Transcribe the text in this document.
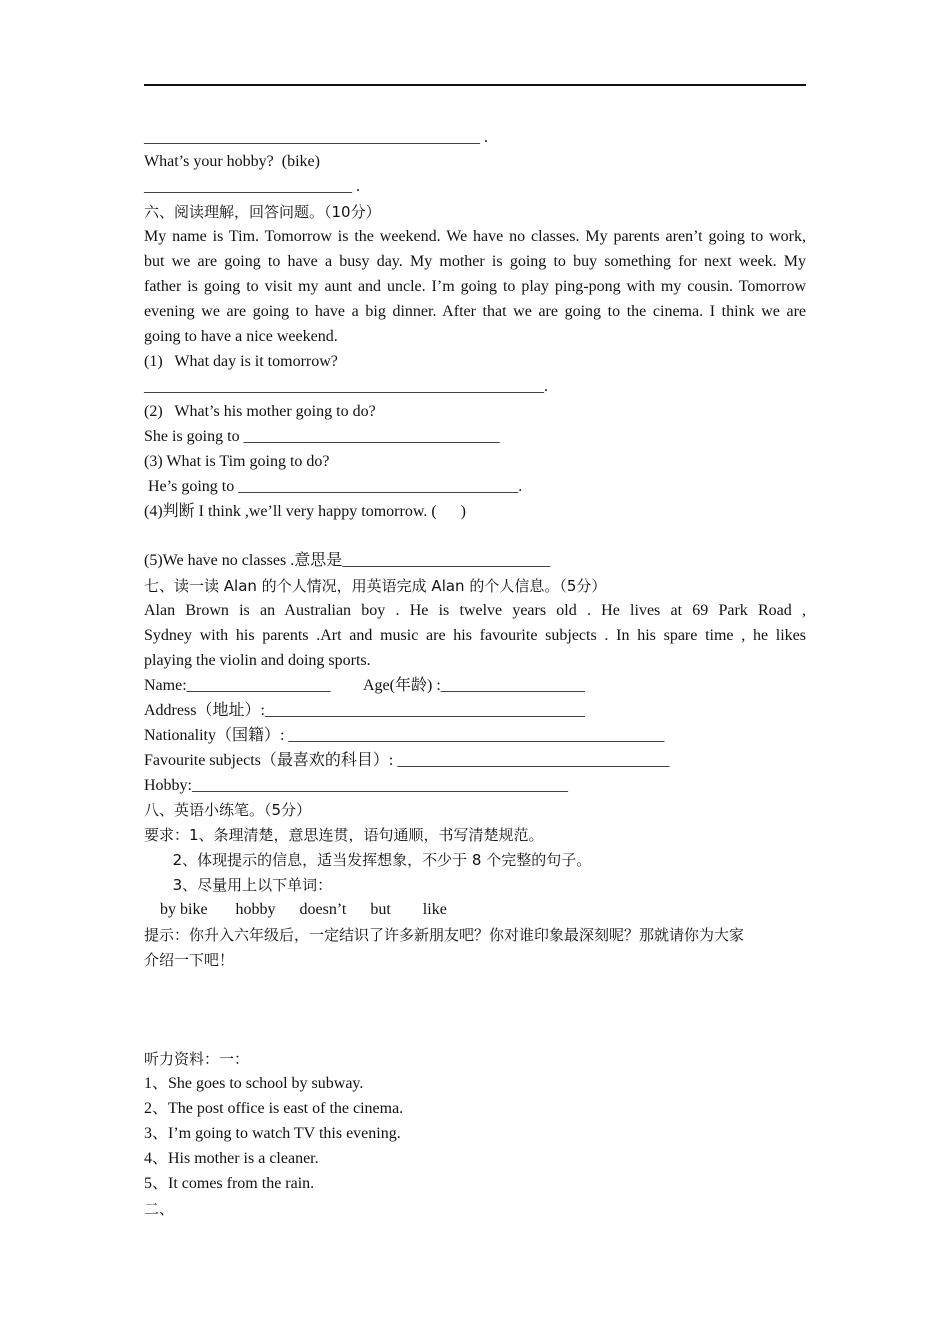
__________________________________________ .
What’s your hobby?  (bike)
__________________________ .
六、阅读理解，回答问题。（10分）
My name is Tim. Tomorrow is the weekend. We have no classes. My parents aren’t going to work,
but we are going to have a busy day. My mother is going to buy something for next week. My
father is going to visit my aunt and uncle. I’m going to play ping-pong with my cousin. Tomorrow
evening we are going to have a big dinner. After that we are going to the cinema. I think we are
going to have a nice weekend.
(1)   What day is it tomorrow?
__________________________________________________.
(2)   What’s his mother going to do?
She is going to ________________________________
(3) What is Tim going to do?
He’s going to ___________________________________.
(4)判断 I think ,we’ll very happy tomorrow. (      )
(5)We have no classes .意思是__________________________
七、读一读 Alan 的个人情况，用英语完成 Alan 的个人信息。（5分）
Alan Brown is an Australian boy . He is twelve years old . He lives at 69 Park Road ,
Sydney with his parents .Art and music are his favourite subjects . In his spare time , he likes
playing the violin and doing sports.
Name:__________________ Age(年龄) :__________________
Address（地址）:________________________________________
Nationality（国籍）: _______________________________________________
Favourite subjects（最喜欢的科目）: __________________________________
Hobby:_______________________________________________
八、英语小练笔。（5分）
要求：1、条理清楚，意思连贯，语句通顺，书写清楚规范。
2、体现提示的信息，适当发挥想象，不少于 8 个完整的句子。
3、尽量用上以下单词：
by bike       hobby      doesn’t      but        like
提示：你升入六年级后，一定结识了许多新朋友吧？你对谁印象最深刻呢？那就请你为大家
介绍一下吧！
听力资料：一：
1、She goes to school by subway.
2、The post office is east of the cinema.
3、I’m going to watch TV this evening.
4、His mother is a cleaner.
5、It comes from the rain.
二、
